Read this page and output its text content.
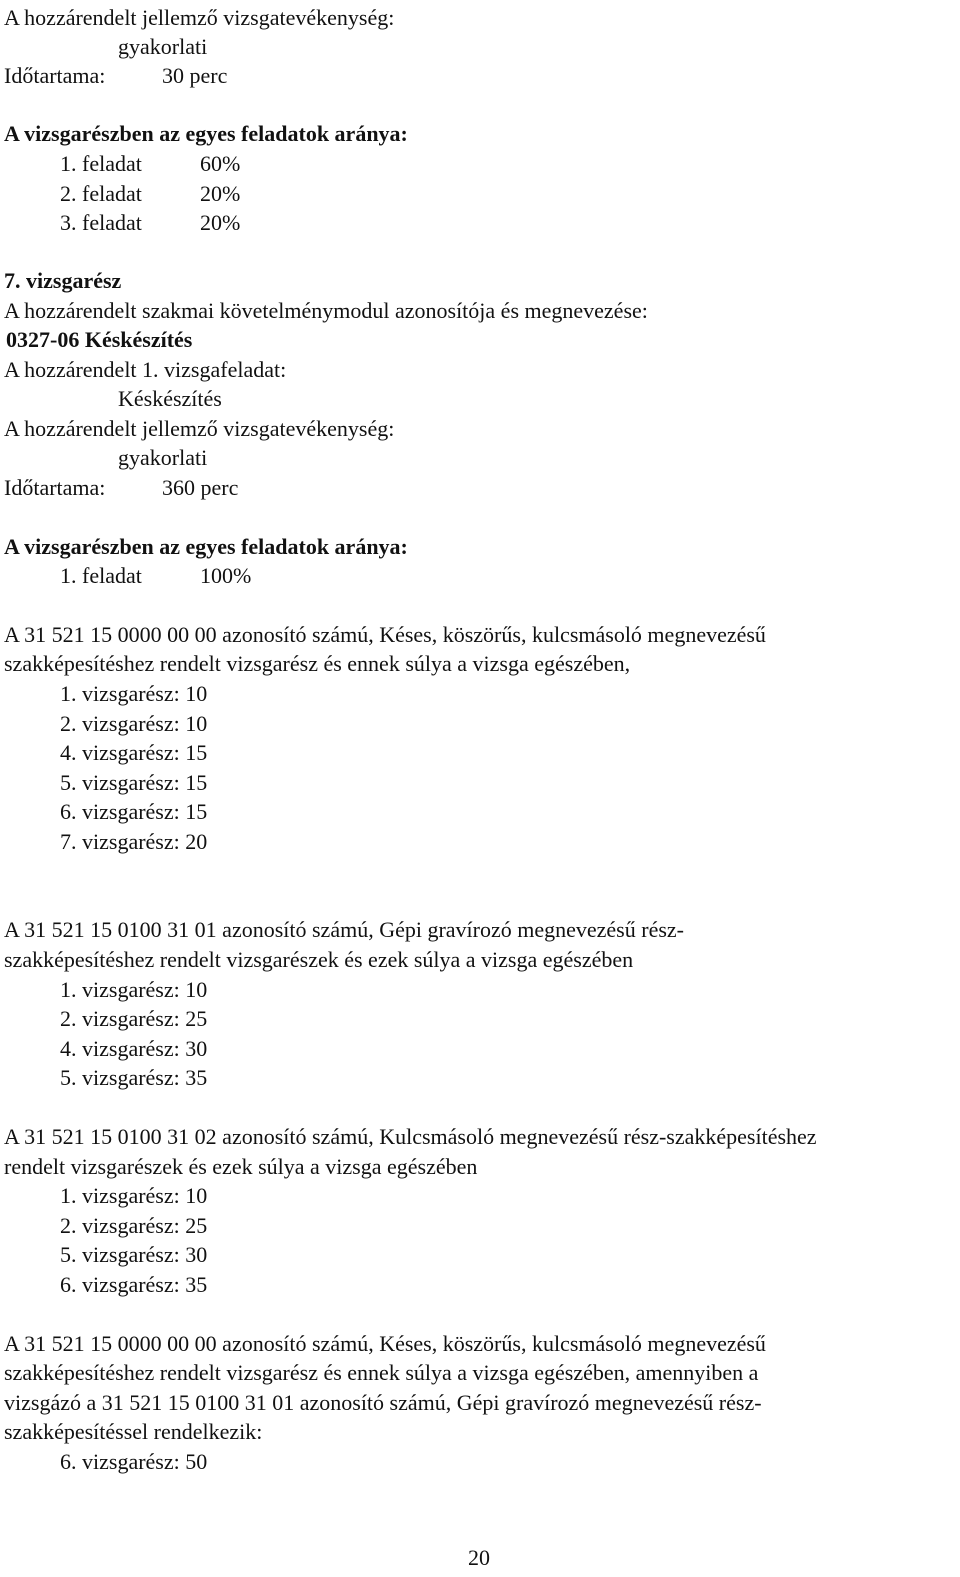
A hozzárendelt jellemző vizsgatevékenység:
gyakorlati
Időtartama:	30 perc
A vizsgarészben az egyes feladatok aránya:
1. feladat	60%
2. feladat	20%
3. feladat	20%
7. vizsgarész
A hozzárendelt szakmai követelménymodul azonosítója és megnevezése:
0327-06 Késkészítés
A hozzárendelt 1. vizsgafeladat:
Késkészítés
A hozzárendelt jellemző vizsgatevékenység:
gyakorlati
Időtartama:	360 perc
A vizsgarészben az egyes feladatok aránya:
1. feladat	100%
A 31 521 15 0000 00 00 azonosító számú, Késes, köszörűs, kulcsmásoló megnevezésű
szakképesítéshez rendelt vizsgarész és ennek súlya a vizsga egészében,
1. vizsgarész: 10
2. vizsgarész: 10
4. vizsgarész: 15
5. vizsgarész: 15
6. vizsgarész: 15
7. vizsgarész: 20
A 31 521 15 0100 31 01 azonosító számú, Gépi gravírozó megnevezésű rész-
szakképesítéshez rendelt vizsgarészek és ezek súlya a vizsga egészében
1. vizsgarész: 10
2. vizsgarész: 25
4. vizsgarész: 30
5. vizsgarész: 35
A 31 521 15 0100 31 02 azonosító számú, Kulcsmásoló megnevezésű rész-szakképesítéshez
rendelt vizsgarészek és ezek súlya a vizsga egészében
1. vizsgarész: 10
2. vizsgarész: 25
5. vizsgarész: 30
6. vizsgarész: 35
A 31 521 15 0000 00 00 azonosító számú, Késes, köszörűs, kulcsmásoló megnevezésű
szakképesítéshez rendelt vizsgarész és ennek súlya a vizsga egészében, amennyiben a
vizsgázó a 31 521 15 0100 31 01 azonosító számú, Gépi gravírozó megnevezésű rész-
szakképesítéssel rendelkezik:
6. vizsgarész: 50
20
